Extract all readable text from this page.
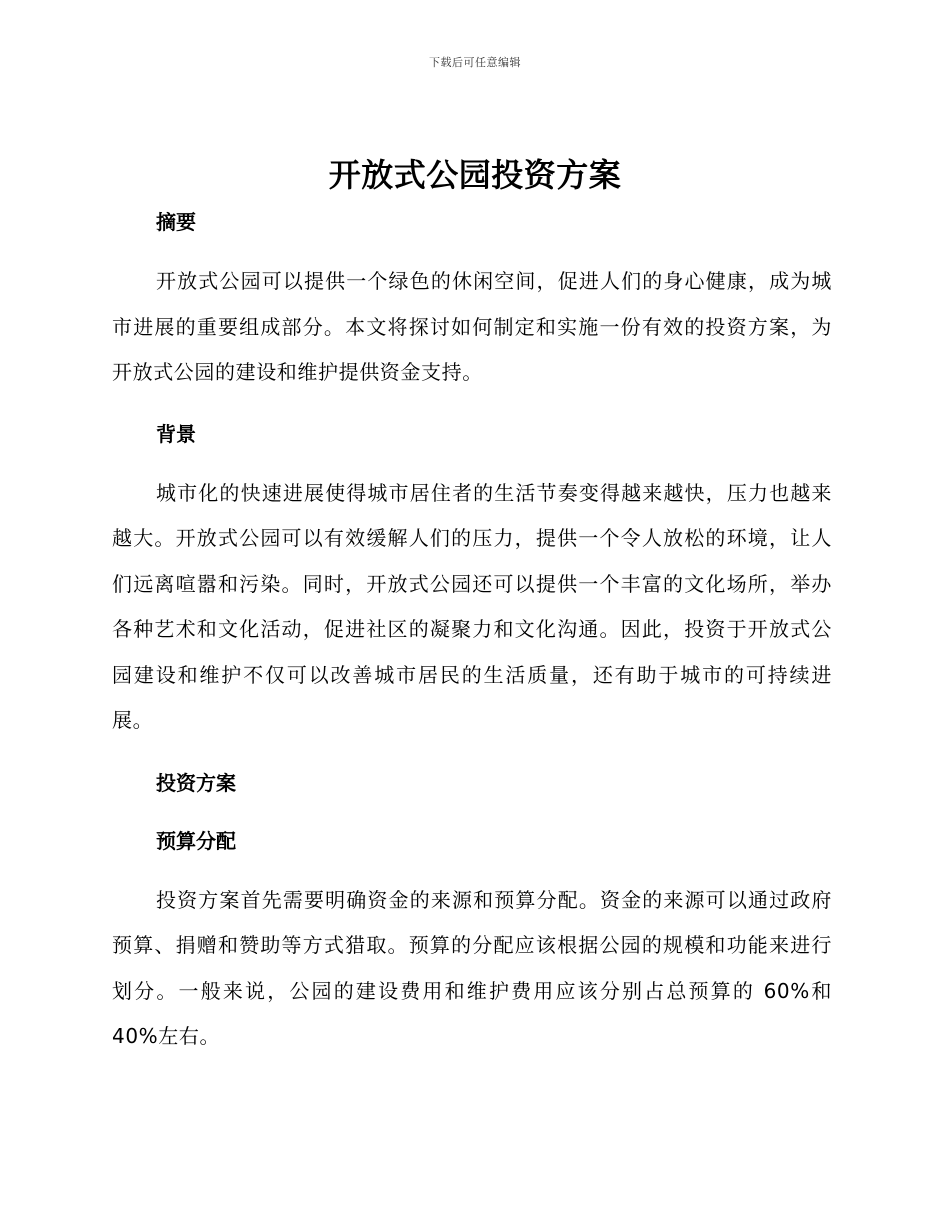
下载后可任意编辑
开放式公园投资方案
摘要

开放式公园可以提供一个绿色的休闲空间，促进人们的身心健康，成为城市进展的重要组成部分。本文将探讨如何制定和实施一份有效的投资方案，为开放式公园的建设和维护提供资金支持。

背景

城市化的快速进展使得城市居住者的生活节奏变得越来越快，压力也越来越大。开放式公园可以有效缓解人们的压力，提供一个令人放松的环境，让人们远离喧嚣和污染。同时，开放式公园还可以提供一个丰富的文化场所，举办各种艺术和文化活动，促进社区的凝聚力和文化沟通。因此，投资于开放式公园建设和维护不仅可以改善城市居民的生活质量，还有助于城市的可持续进展。

投资方案
预算分配

投资方案首先需要明确资金的来源和预算分配。资金的来源可以通过政府预算、捐赠和赞助等方式猎取。预算的分配应该根据公园的规模和功能来进行划分。一般来说，公园的建设费用和维护费用应该分别占总预算的 60%和 40%左右。
